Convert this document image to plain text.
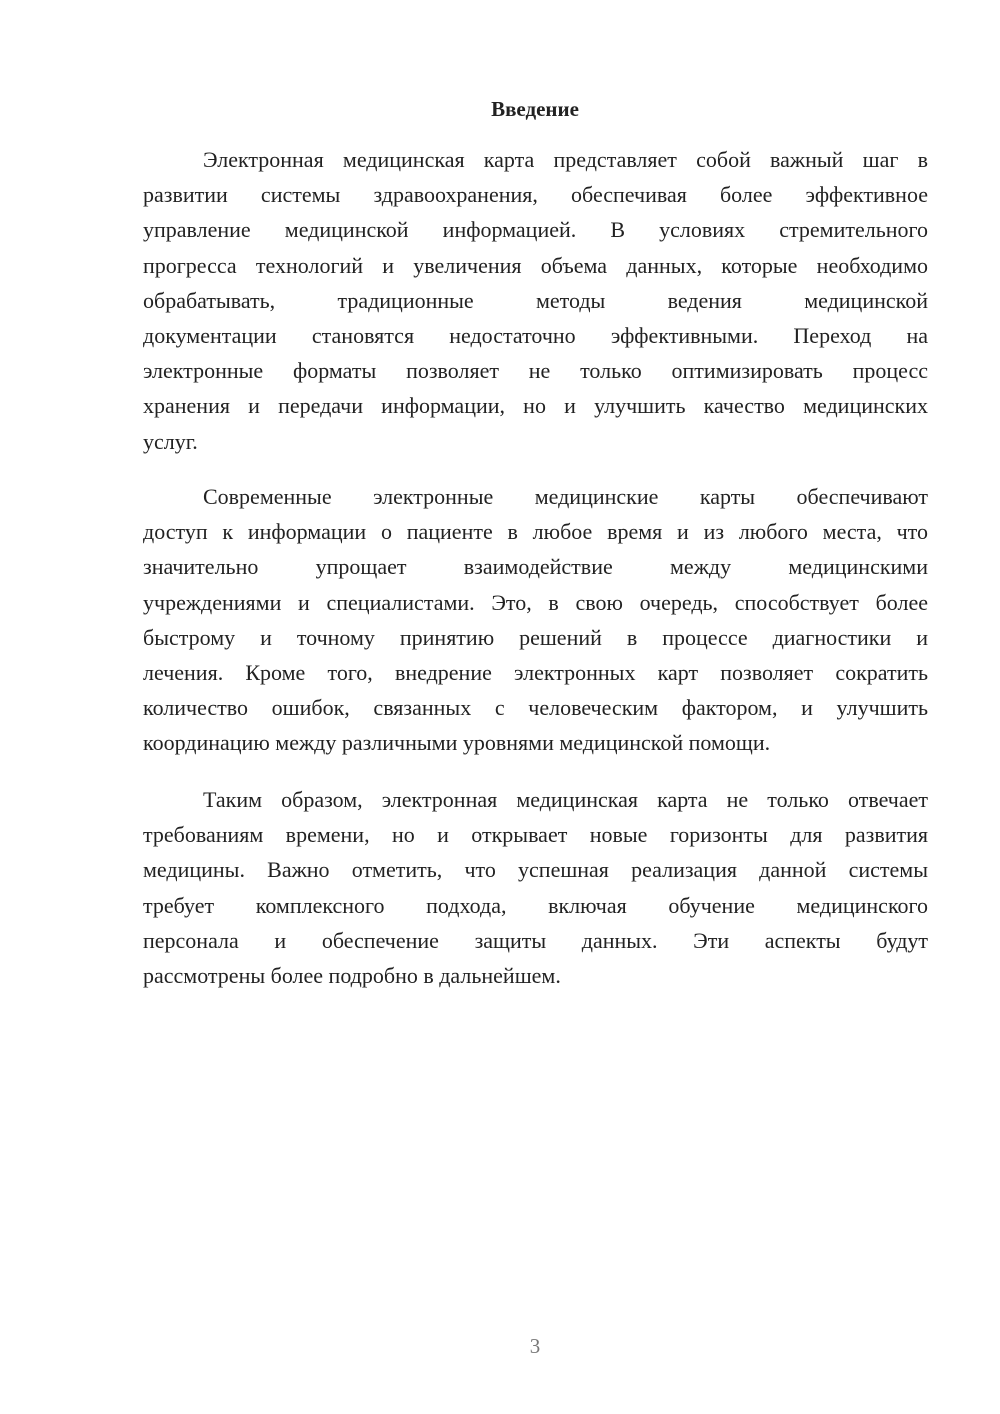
Введение
Электронная медицинская карта представляет собой важный шаг в
развитии системы здравоохранения, обеспечивая более эффективное
управление медицинской информацией. В условиях стремительного
прогресса технологий и увеличения объема данных, которые необходимо
обрабатывать, традиционные методы ведения медицинской
документации становятся недостаточно эффективными. Переход на
электронные форматы позволяет не только оптимизировать процесс
хранения и передачи информации, но и улучшить качество медицинских
услуг.
Современные электронные медицинские карты обеспечивают
доступ к информации о пациенте в любое время и из любого места, что
значительно упрощает взаимодействие между медицинскими
учреждениями и специалистами. Это, в свою очередь, способствует более
быстрому и точному принятию решений в процессе диагностики и
лечения. Кроме того, внедрение электронных карт позволяет сократить
количество ошибок, связанных с человеческим фактором, и улучшить
координацию между различными уровнями медицинской помощи.
Таким образом, электронная медицинская карта не только отвечает
требованиям времени, но и открывает новые горизонты для развития
медицины. Важно отметить, что успешная реализация данной системы
требует комплексного подхода, включая обучение медицинского
персонала и обеспечение защиты данных. Эти аспекты будут
рассмотрены более подробно в дальнейшем.
3
